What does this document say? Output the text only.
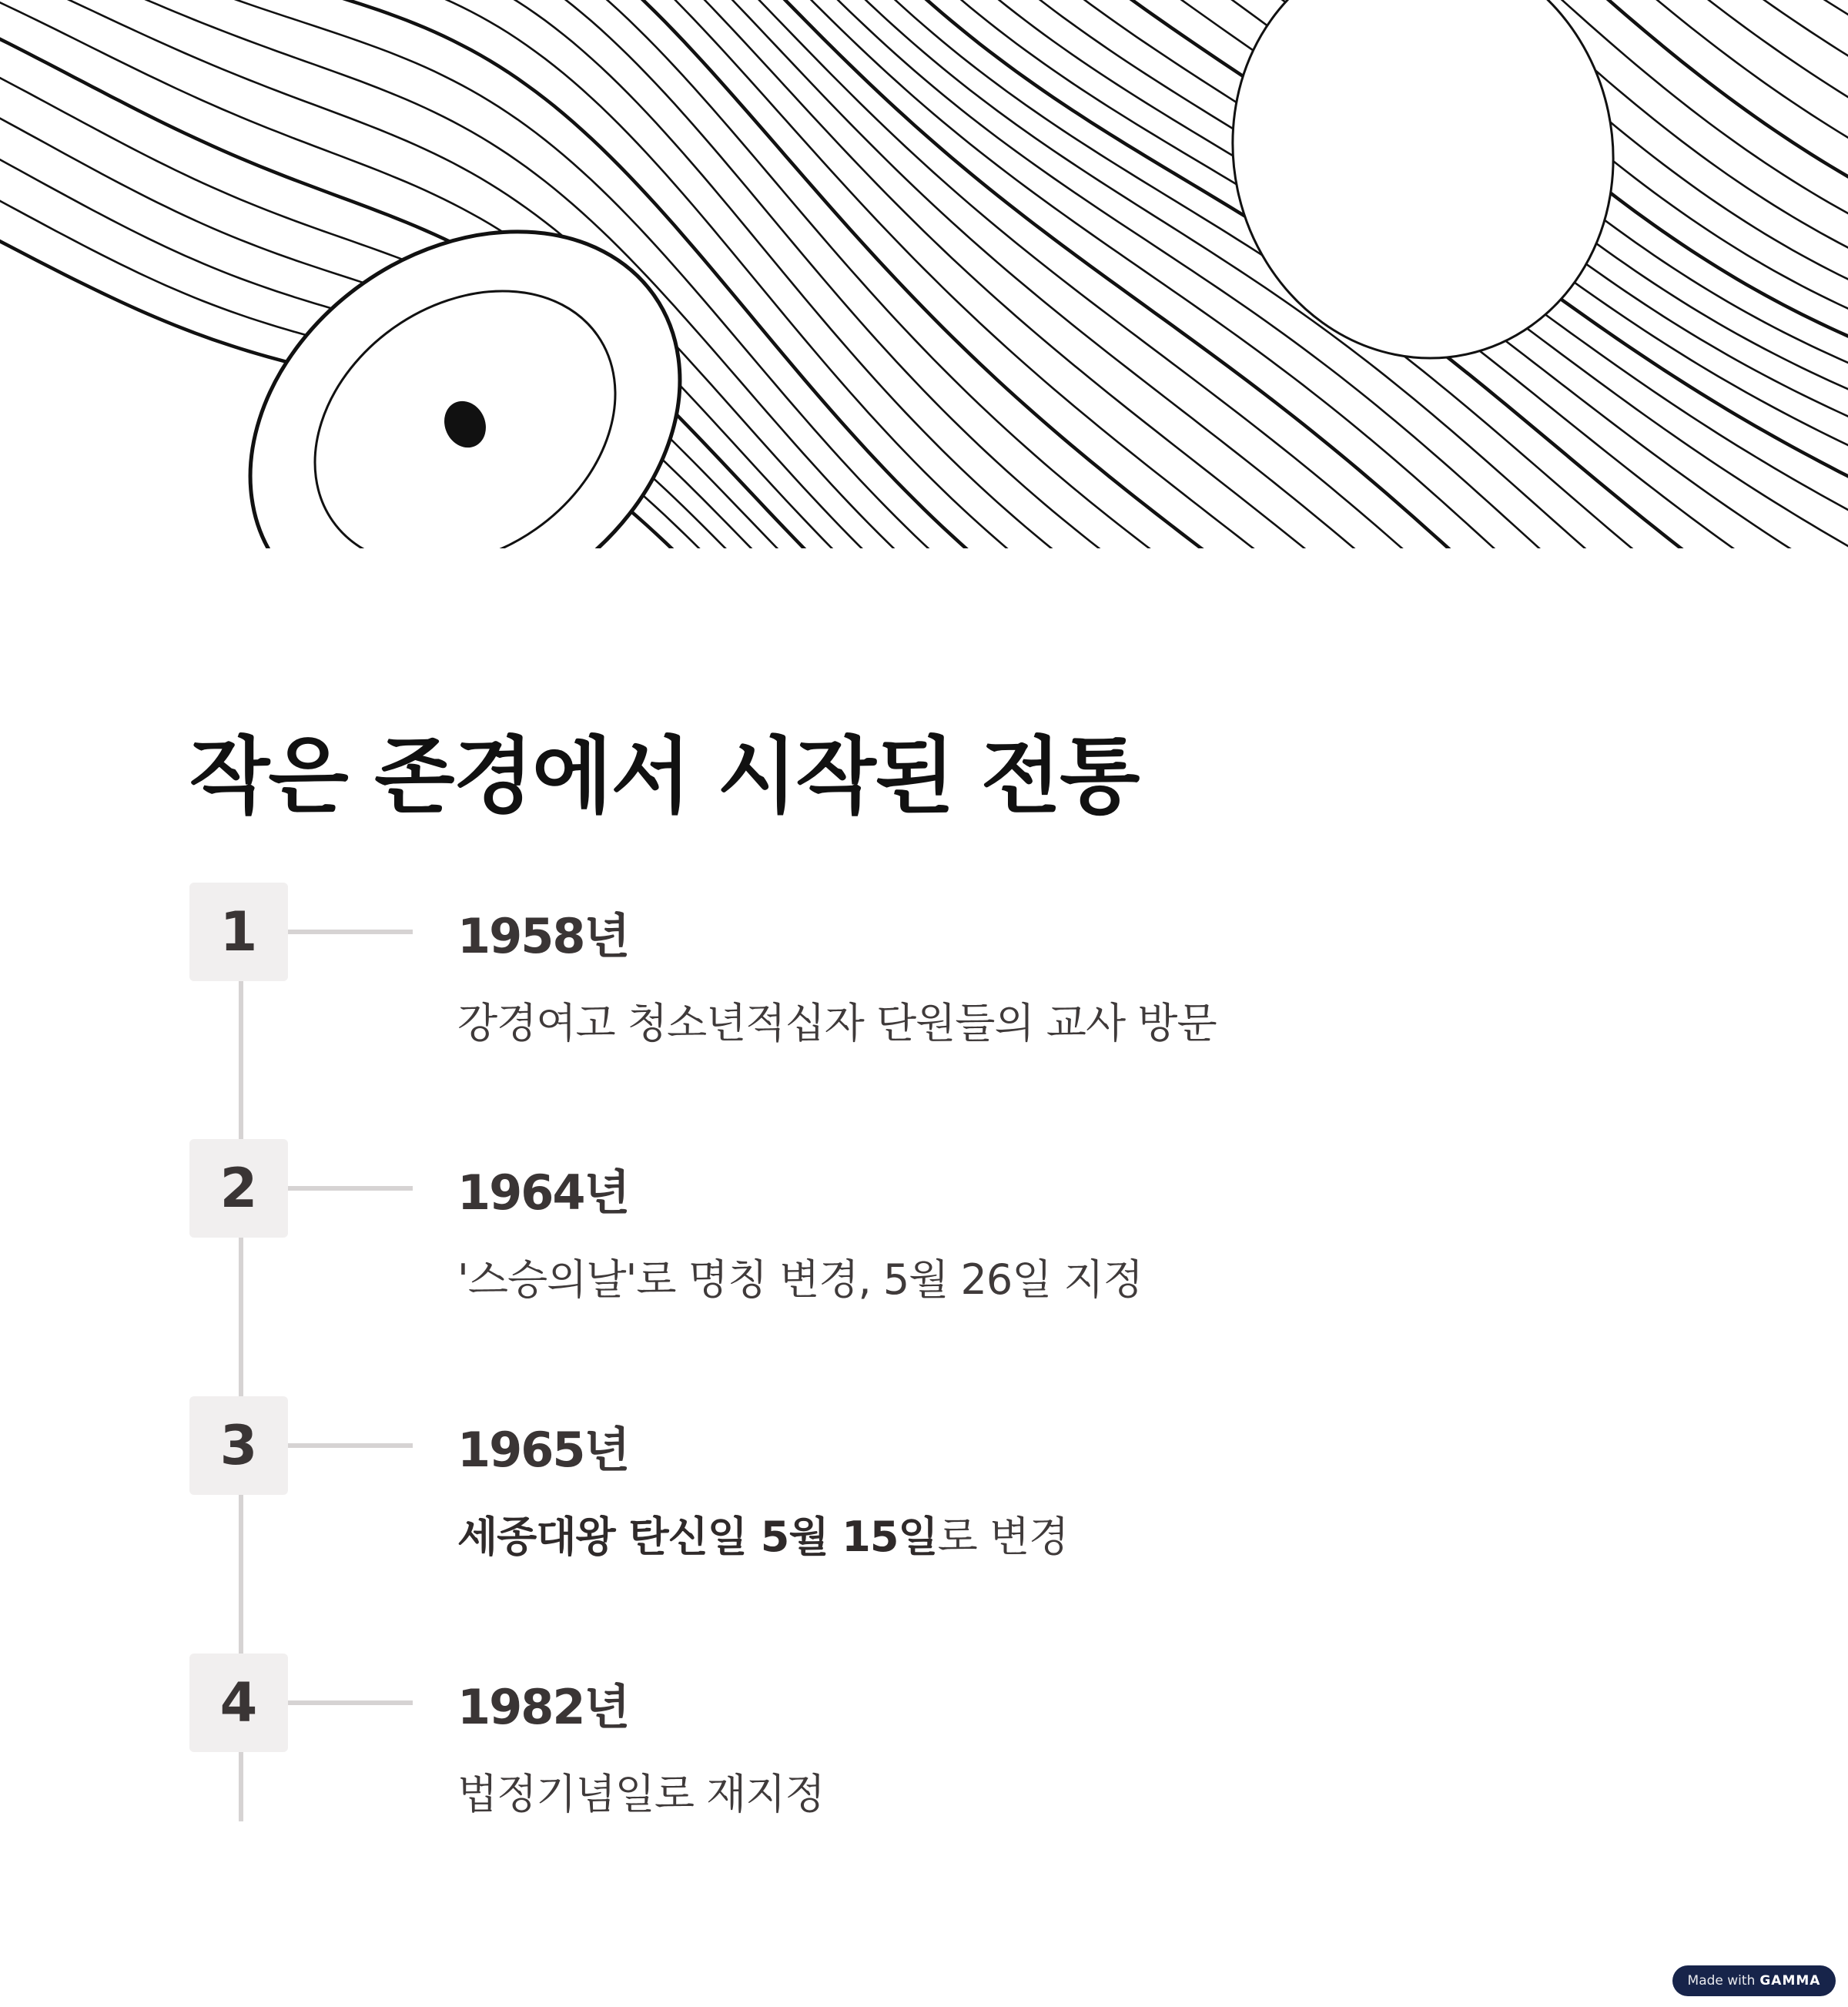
작은 존경에서 시작된 전통
1	1958년

강경여고 청소년적십자 단원들의 교사 방문

2	1964년

'스승의날'로 명칭 변경, 5월 26일 지정

3	1965년

세종대왕 탄신일 5월 15일로 변경

4	1982년

법정기념일로 재지정

Made with GAMMA
